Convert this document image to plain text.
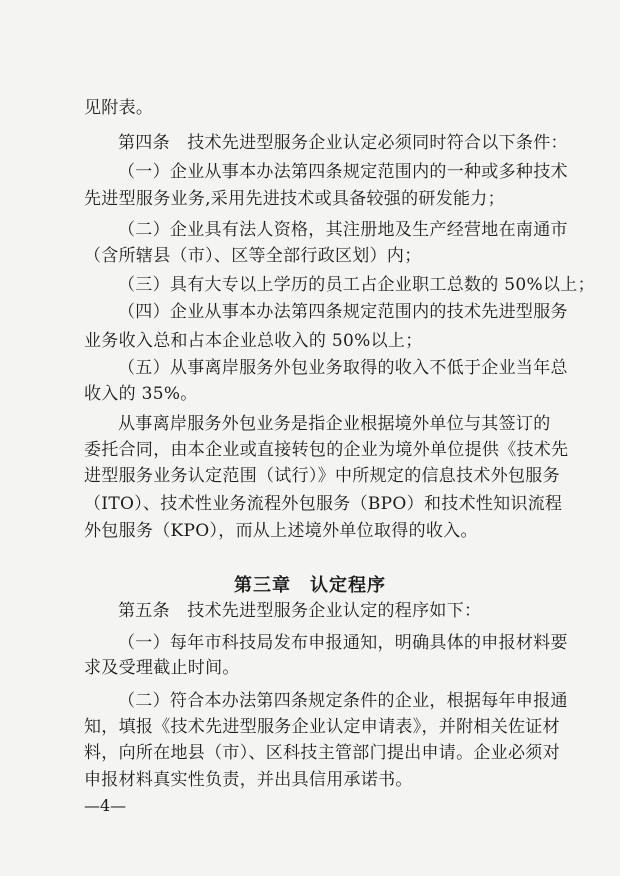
见附表。
第四条　技术先进型服务企业认定必须同时符合以下条件：
（一）企业从事本办法第四条规定范围内的一种或多种技术
先进型服务业务,采用先进技术或具备较强的研发能力；
（二）企业具有法人资格，其注册地及生产经营地在南通市
（含所辖县（市）、区等全部行政区划）内；
（三）具有大专以上学历的员工占企业职工总数的 50%以上；
（四）企业从事本办法第四条规定范围内的技术先进型服务
业务收入总和占本企业总收入的 50%以上；
（五）从事离岸服务外包业务取得的收入不低于企业当年总
收入的 35%。
从事离岸服务外包业务是指企业根据境外单位与其签订的
委托合同，由本企业或直接转包的企业为境外单位提供《技术先
进型服务业务认定范围（试行）》中所规定的信息技术外包服务
（ITO）、技术性业务流程外包服务（BPO）和技术性知识流程
外包服务（KPO），而从上述境外单位取得的收入。
第三章　认定程序
第五条　技术先进型服务企业认定的程序如下：
（一）每年市科技局发布申报通知，明确具体的申报材料要
求及受理截止时间。
（二）符合本办法第四条规定条件的企业，根据每年申报通
知，填报《技术先进型服务企业认定申请表》，并附相关佐证材
料，向所在地县（市）、区科技主管部门提出申请。企业必须对
申报材料真实性负责，并出具信用承诺书。
—4—
